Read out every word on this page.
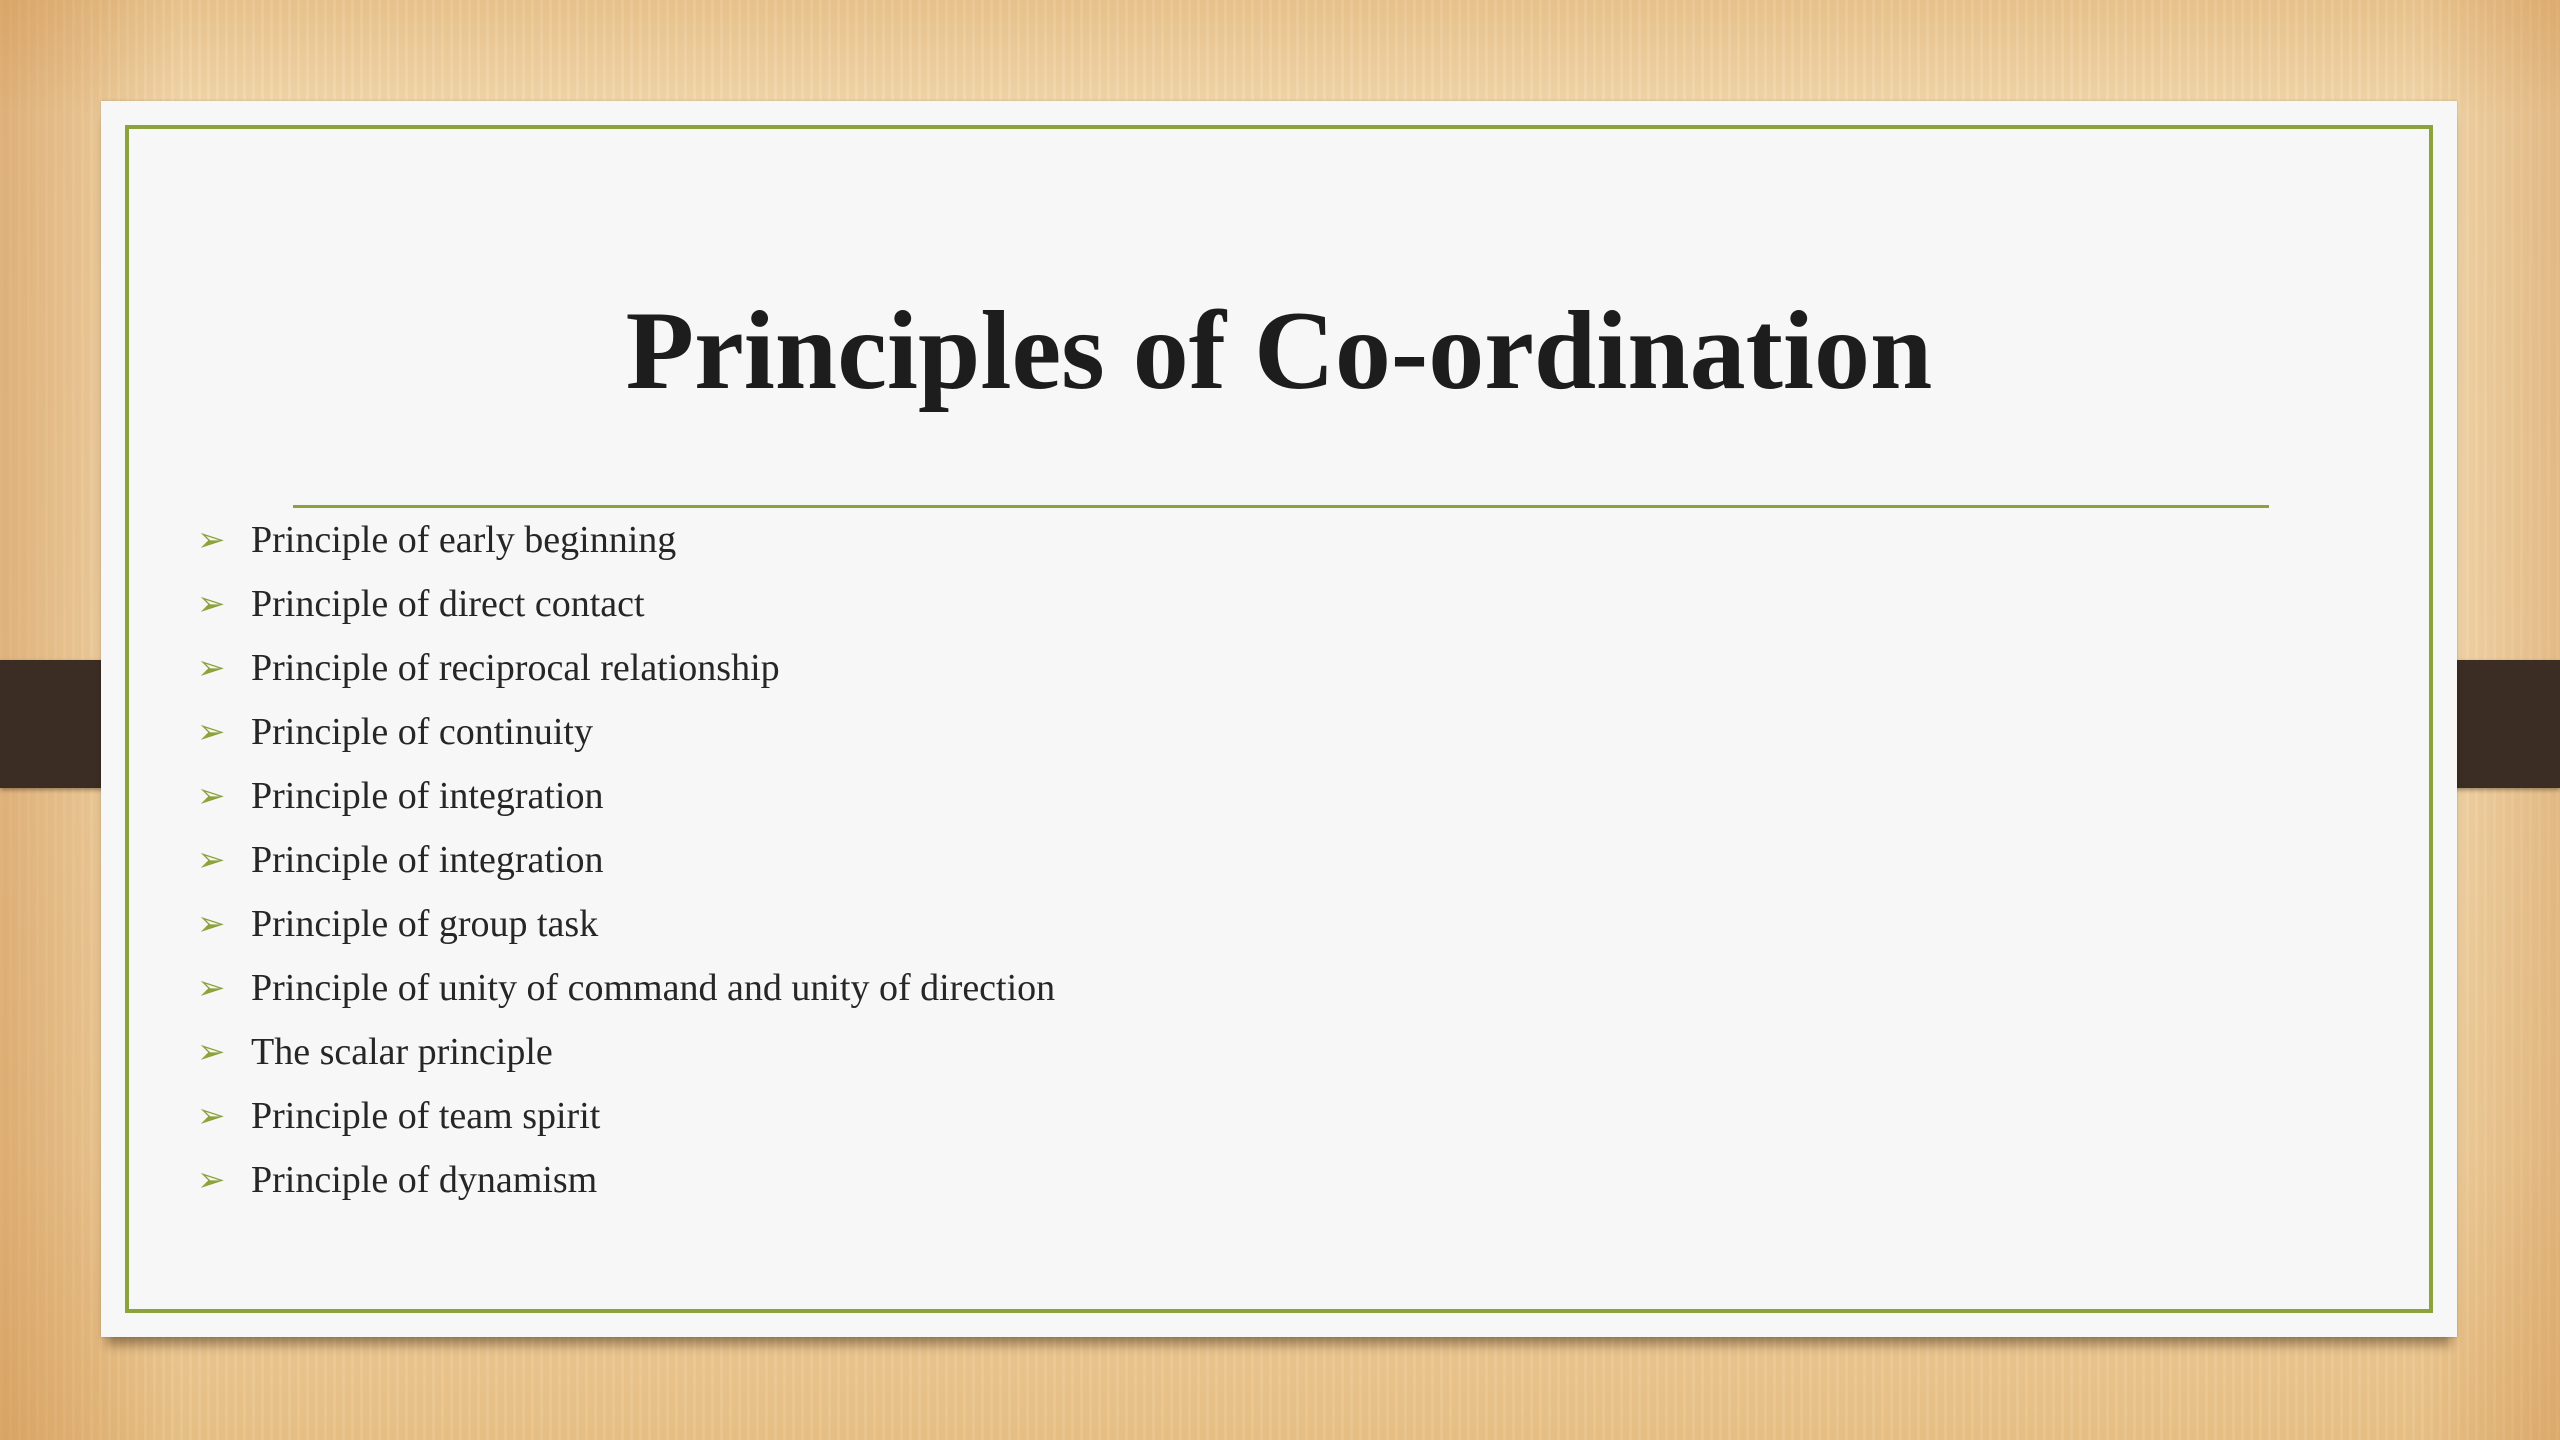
Principles of Co-ordination
➢ Principle of early beginning
➢ Principle of direct contact
➢ Principle of reciprocal relationship
➢ Principle of continuity
➢ Principle of integration
➢ Principle of integration
➢ Principle of group task
➢ Principle of unity of command and unity of direction
➢ The scalar principle
➢ Principle of team spirit
➢ Principle of dynamism
